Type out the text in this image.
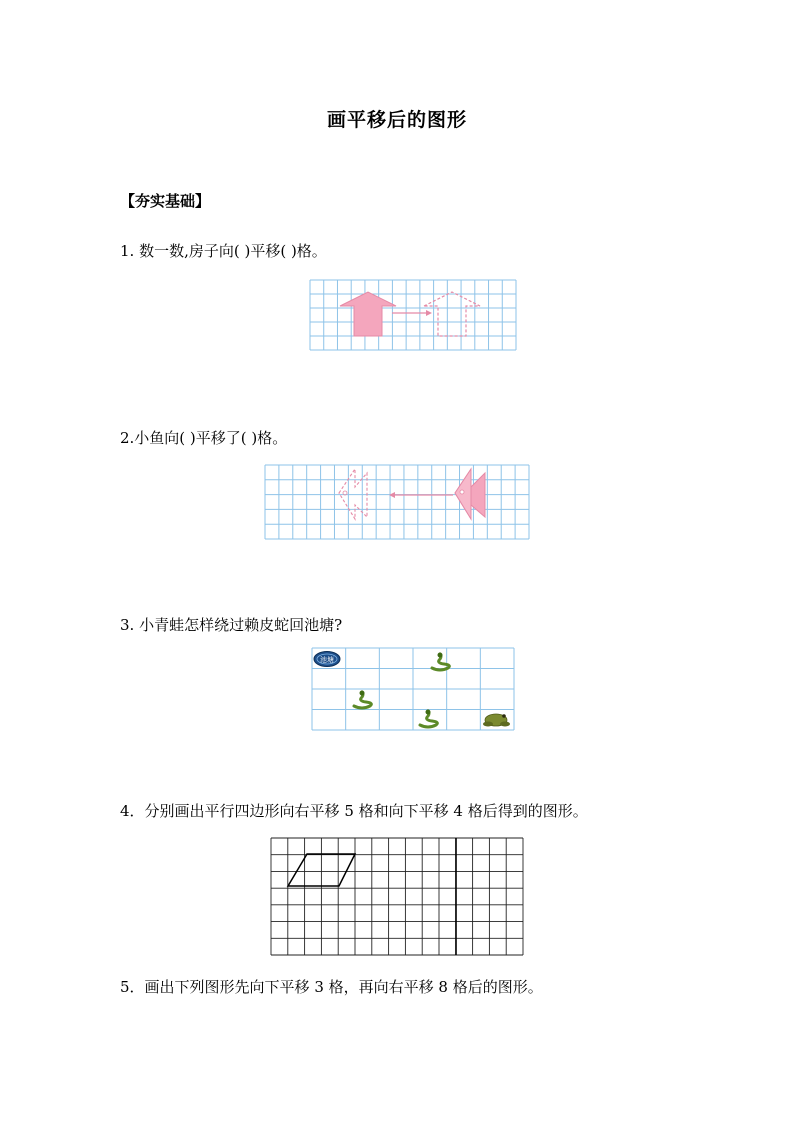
画平移后的图形
【夯实基础】
1. 数一数,房子向( )平移( )格。
2.小鱼向( )平移了( )格。
3. 小青蛙怎样绕过赖皮蛇回池塘?
池塘
4．分别画出平行四边形向右平移 5 格和向下平移 4 格后得到的图形。
5．画出下列图形先向下平移 3 格，再向右平移 8 格后的图形。
